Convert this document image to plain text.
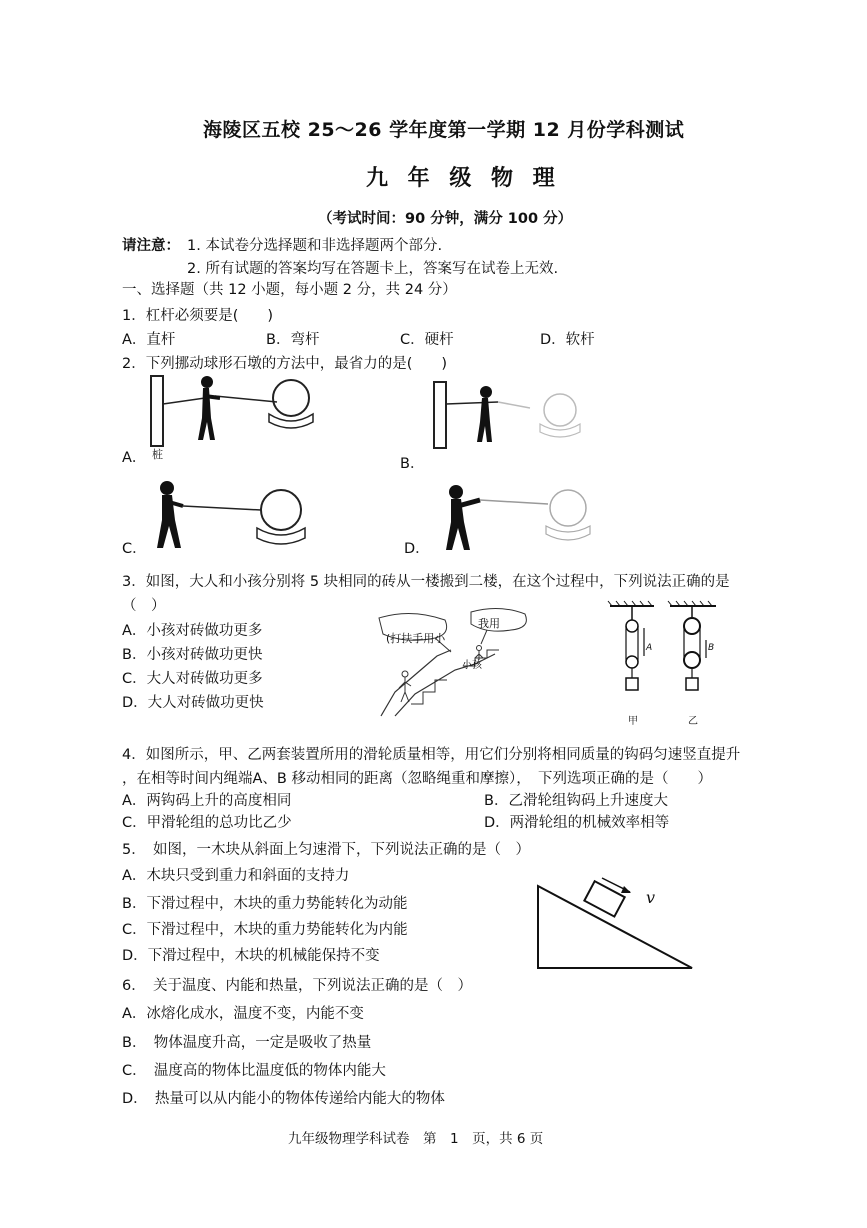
海陵区五校 25～26 学年度第一学期 12 月份学科测试
九 年 级 物 理
（考试时间：90 分钟，满分 100 分）
请注意： 1. 本试卷分选择题和非选择题两个部分.
2. 所有试题的答案均写在答题卡上，答案写在试卷上无效.
一、选择题（共 12 小题，每小题 2 分，共 24 分）
1．杠杆必须要是(　　)
A．直杆	B．弯杆	C．硬杆	D．软杆
2．下列挪动球形石墩的方法中，最省力的是(　　)
A． 桩
B．
C．	D．
3．如图，大人和小孩分别将 5 块相同的砖从一楼搬到二楼，在这个过程中，下列说法正确的是
（　）
A．小孩对砖做功更多
B．小孩对砖做功更快
C．大人对砖做功更多
D．大人对砖做功更快
(打扶手用小
我用
小孩
A	B
甲	乙
4．如图所示，甲、乙两套装置所用的滑轮质量相等，用它们分别将相同质量的钩码匀速竖直提升
，在相等时间内绳端A、B 移动相同的距离（忽略绳重和摩擦），　下列选项正确的是（　　）
A．两钩码上升的高度相同	B．乙滑轮组钩码上升速度大
C．甲滑轮组的总功比乙少	D．两滑轮组的机械效率相等
5．　如图，一木块从斜面上匀速滑下，下列说法正确的是（　）
A．木块只受到重力和斜面的支持力
B．下滑过程中，木块的重力势能转化为动能
C．下滑过程中，木块的重力势能转化为内能
D．下滑过程中，木块的机械能保持不变
v
6．　关于温度、内能和热量，下列说法正确的是（　）
A．冰熔化成水，温度不变，内能不变
B．　物体温度升高，一定是吸收了热量
C．　温度高的物体比温度低的物体内能大
D．　热量可以从内能小的物体传递给内能大的物体
九年级物理学科试卷　第　1　页，共 6 页
